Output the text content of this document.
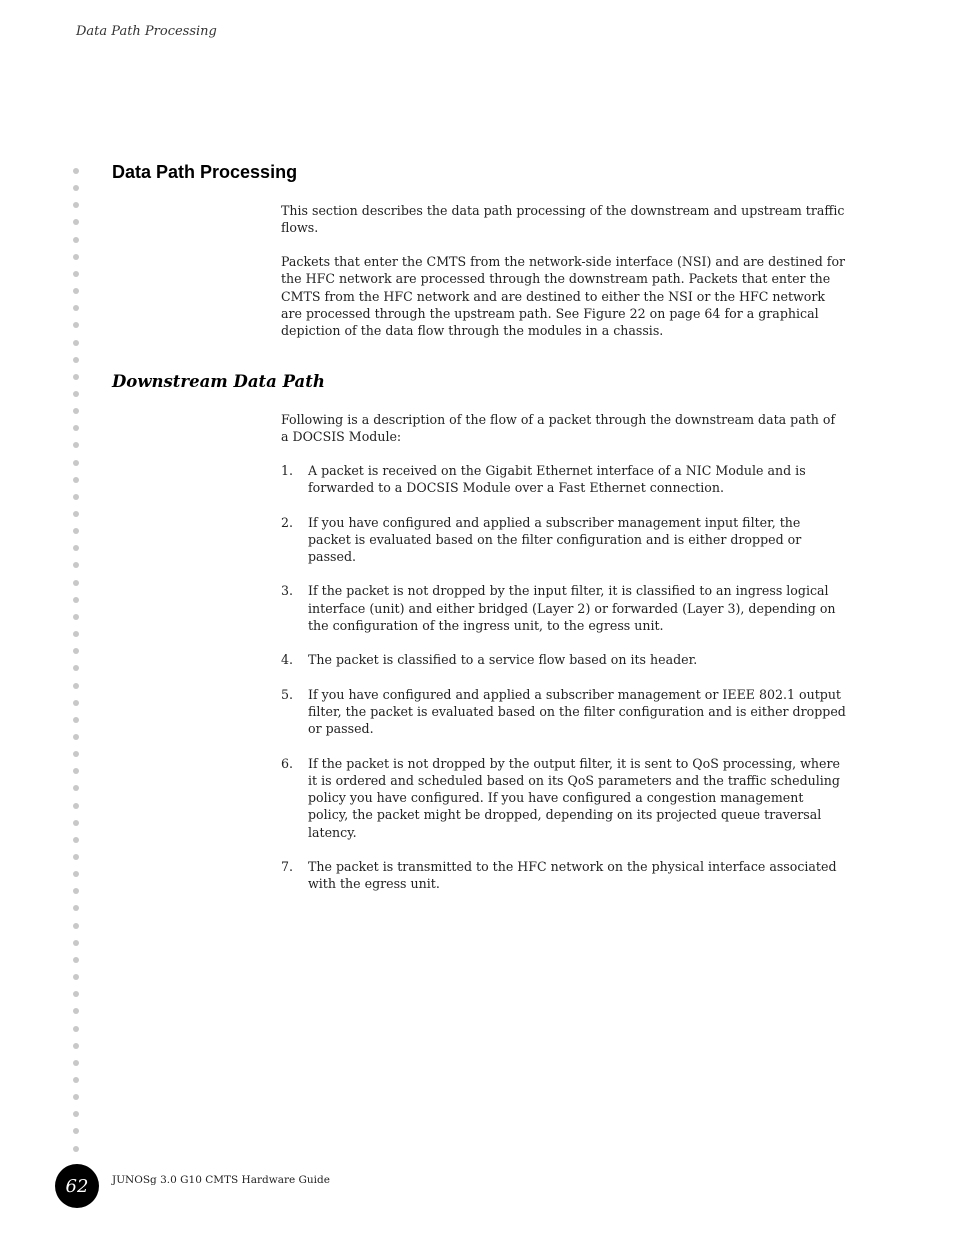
Data Path Processing
Data Path Processing

This section describes the data path processing of the downstream and upstream traffic flows.

Packets that enter the CMTS from the network-side interface (NSI) and are destined for the HFC network are processed through the downstream path. Packets that enter the CMTS from the HFC network and are destined to either the NSI or the HFC network are processed through the upstream path. See Figure 22 on page 64 for a graphical depiction of the data flow through the modules in a chassis.

Downstream Data Path

Following is a description of the flow of a packet through the downstream data path of a DOCSIS Module:

1. A packet is received on the Gigabit Ethernet interface of a NIC Module and is forwarded to a DOCSIS Module over a Fast Ethernet connection.
2. If you have configured and applied a subscriber management input filter, the packet is evaluated based on the filter configuration and is either dropped or passed.
3. If the packet is not dropped by the input filter, it is classified to an ingress logical interface (unit) and either bridged (Layer 2) or forwarded (Layer 3), depending on the configuration of the ingress unit, to the egress unit.
4. The packet is classified to a service flow based on its header.
5. If you have configured and applied a subscriber management or IEEE 802.1 output filter, the packet is evaluated based on the filter configuration and is either dropped or passed.
6. If the packet is not dropped by the output filter, it is sent to QoS processing, where it is ordered and scheduled based on its QoS parameters and the traffic scheduling policy you have configured. If you have configured a congestion management policy, the packet might be dropped, depending on its projected queue traversal latency.
7. The packet is transmitted to the HFC network on the physical interface associated with the egress unit.
62	JUNOSg 3.0 G10 CMTS Hardware Guide
